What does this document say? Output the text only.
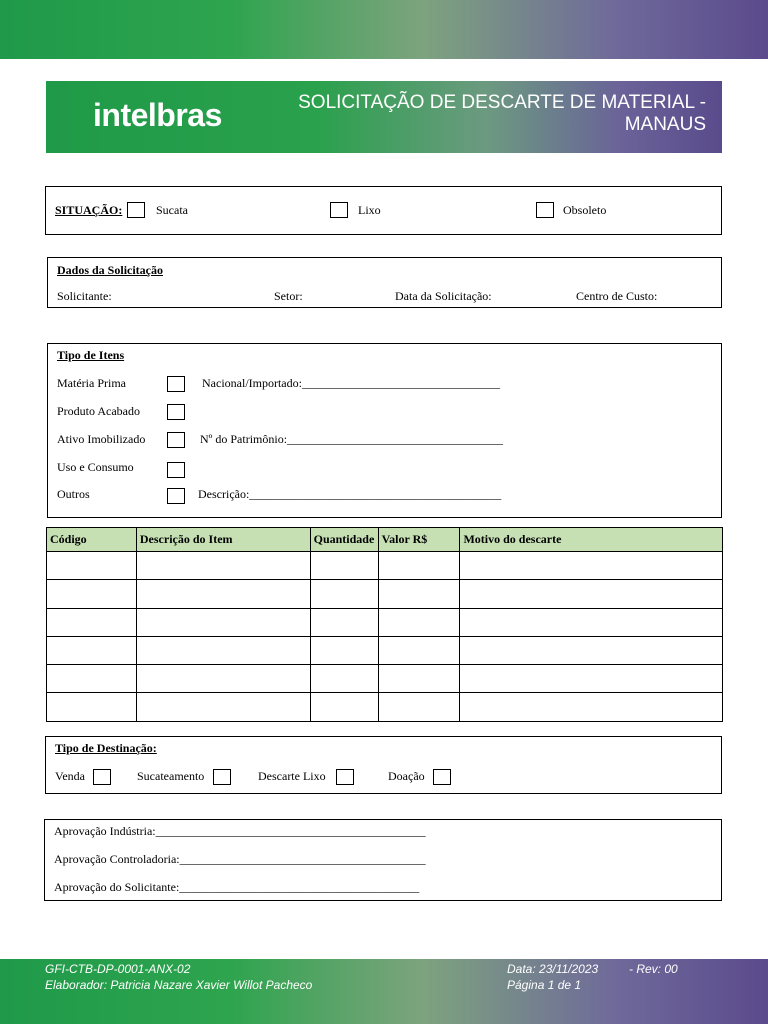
intelbras	SOLICITAÇÃO DE DESCARTE DE MATERIAL -
MANAUS
SITUAÇÃO:	Sucata	Lixo	Obsoleto
Dados da Solicitação
Solicitante:	Setor:	Data da Solicitação:	Centro de Custo:
Tipo de Itens
Matéria Prima	Nacional/Importado:_________________________________
Produto Acabado
Ativo Imobilizado	Nº do Patrimônio:____________________________________
Uso e Consumo
Outros	Descrição:__________________________________________
Código	Descrição do Item	Quantidade	Valor R$	Motivo do descarte

Tipo de Destinação:
Venda	Sucateamento	Descarte Lixo	Doação
Aprovação Indústria:_____________________________________________
Aprovação Controladoria:_________________________________________
Aprovação do Solicitante:________________________________________
GFI-CTB-DP-0001-ANX-02
Elaborador: Patricia Nazare Xavier Willot Pacheco
Data: 23/11/2023	- Rev: 00
Página 1 de 1
